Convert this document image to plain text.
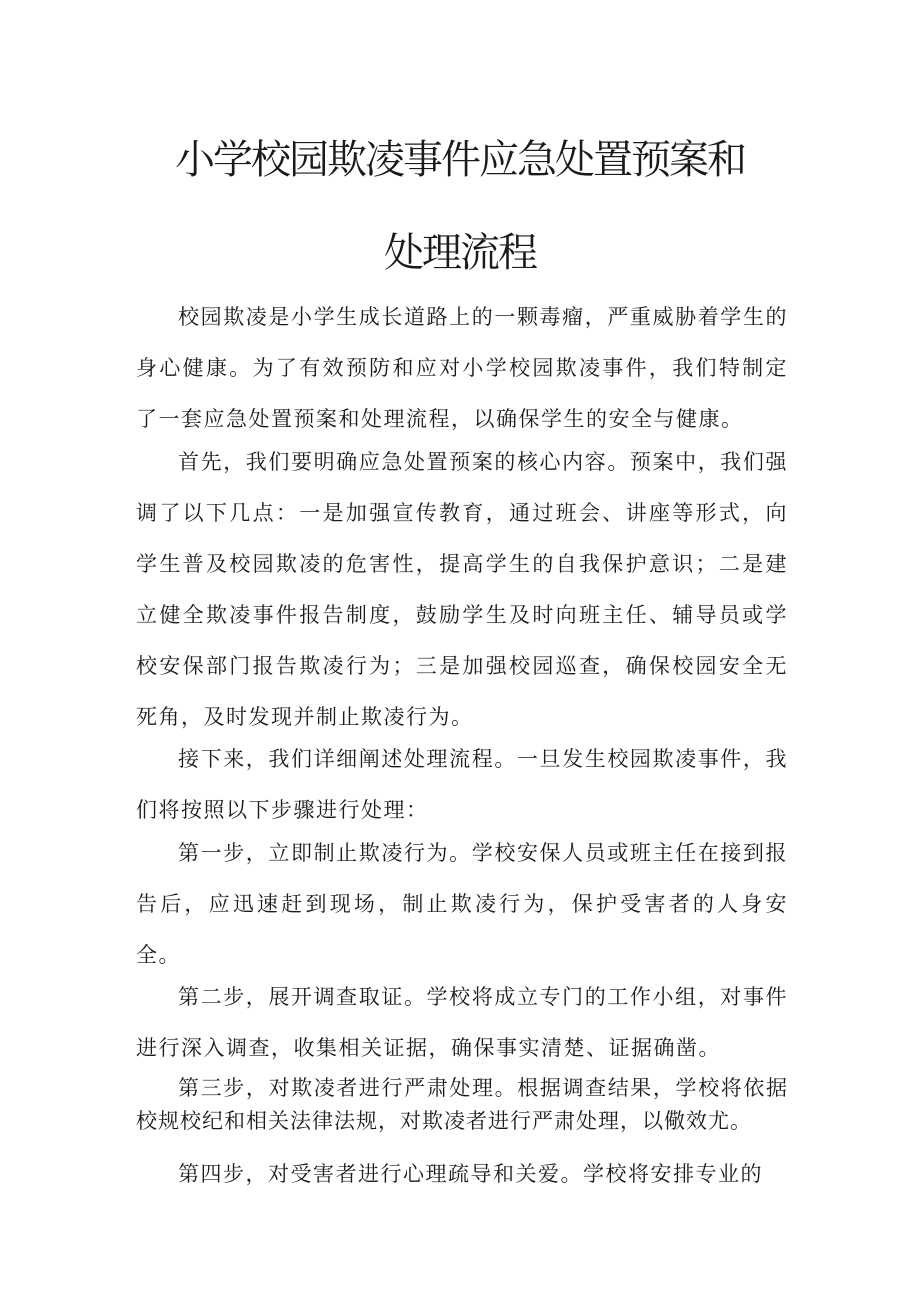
小学校园欺凌事件应急处置预案和
处理流程

校园欺凌是小学生成长道路上的一颗毒瘤，严重威胁着学生的身心健康。为了有效预防和应对小学校园欺凌事件，我们特制定了一套应急处置预案和处理流程，以确保学生的安全与健康。

首先，我们要明确应急处置预案的核心内容。预案中，我们强调了以下几点：一是加强宣传教育，通过班会、讲座等形式，向学生普及校园欺凌的危害性，提高学生的自我保护意识；二是建立健全欺凌事件报告制度，鼓励学生及时向班主任、辅导员或学校安保部门报告欺凌行为；三是加强校园巡查，确保校园安全无死角，及时发现并制止欺凌行为。

接下来，我们详细阐述处理流程。一旦发生校园欺凌事件，我们将按照以下步骤进行处理：

第一步，立即制止欺凌行为。学校安保人员或班主任在接到报告后，应迅速赶到现场，制止欺凌行为，保护受害者的人身安全。

第二步，展开调查取证。学校将成立专门的工作小组，对事件进行深入调查，收集相关证据，确保事实清楚、证据确凿。

第三步，对欺凌者进行严肃处理。根据调查结果，学校将依据校规校纪和相关法律法规，对欺凌者进行严肃处理，以儆效尤。

第四步，对受害者进行心理疏导和关爱。学校将安排专业的
